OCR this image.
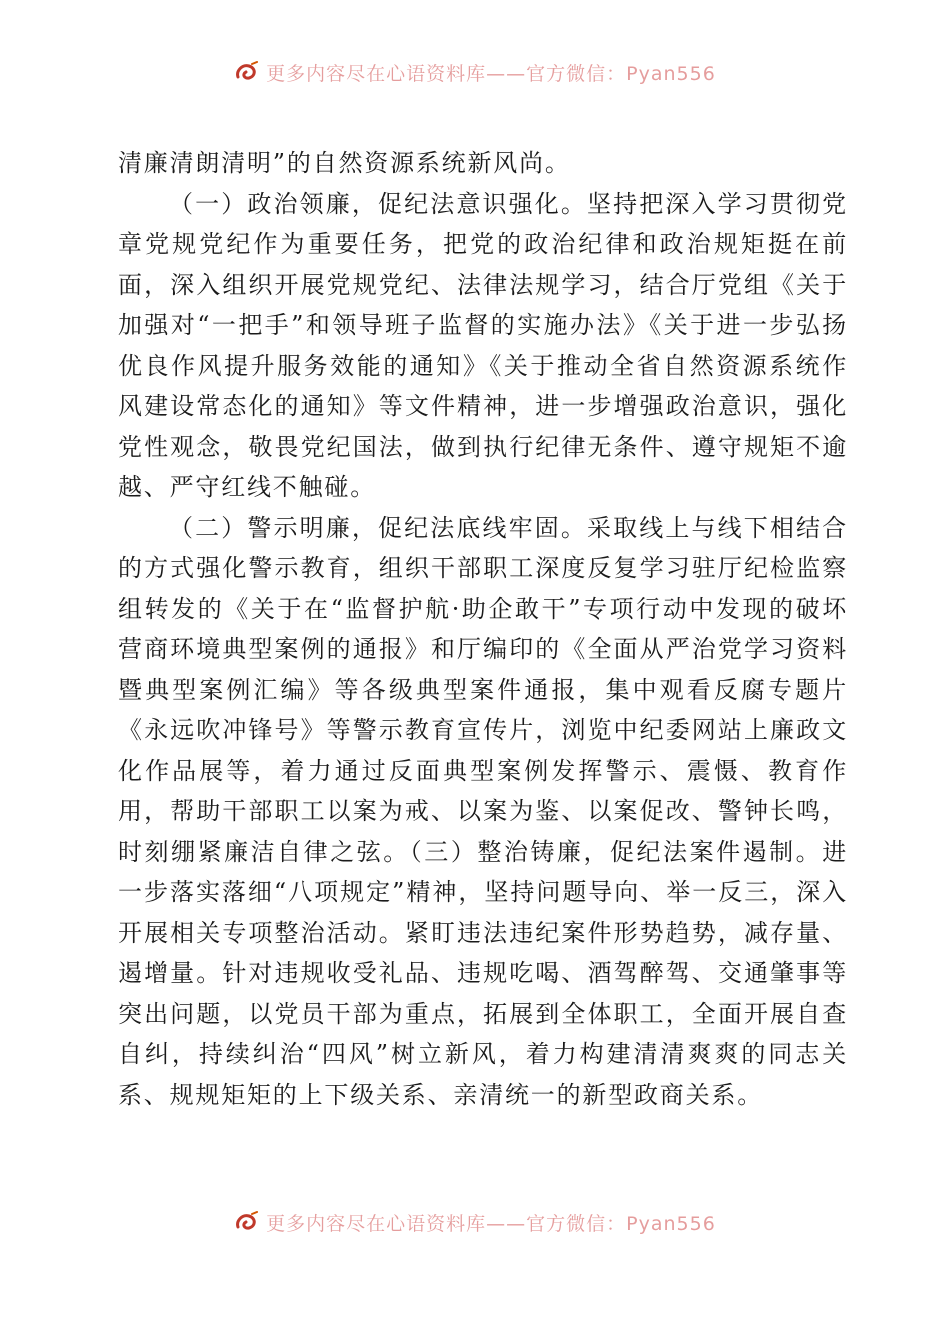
更多内容尽在心语资料库——官方微信：Pyan556

清廉清朗清明”的自然资源系统新风尚。

（一）政治领廉，促纪法意识强化。坚持把深入学习贯彻党章党规党纪作为重要任务，把党的政治纪律和政治规矩挺在前面，深入组织开展党规党纪、法律法规学习，结合厅党组《关于加强对“一把手”和领导班子监督的实施办法》《关于进一步弘扬优良作风提升服务效能的通知》《关于推动全省自然资源系统作风建设常态化的通知》等文件精神，进一步增强政治意识，强化党性观念，敬畏党纪国法，做到执行纪律无条件、遵守规矩不逾越、严守红线不触碰。

（二）警示明廉，促纪法底线牢固。采取线上与线下相结合的方式强化警示教育，组织干部职工深度反复学习驻厅纪检监察组转发的《关于在“监督护航·助企敢干”专项行动中发现的破坏营商环境典型案例的通报》和厅编印的《全面从严治党学习资料暨典型案例汇编》等各级典型案件通报，集中观看反腐专题片《永远吹冲锋号》等警示教育宣传片，浏览中纪委网站上廉政文化作品展等，着力通过反面典型案例发挥警示、震慑、教育作用，帮助干部职工以案为戒、以案为鉴、以案促改、警钟长鸣，时刻绷紧廉洁自律之弦。（三）整治铸廉，促纪法案件遏制。进一步落实落细“八项规定”精神，坚持问题导向、举一反三，深入开展相关专项整治活动。紧盯违法违纪案件形势趋势，减存量、遏增量。针对违规收受礼品、违规吃喝、酒驾醉驾、交通肇事等突出问题，以党员干部为重点，拓展到全体职工，全面开展自查自纠，持续纠治“四风”树立新风，着力构建清清爽爽的同志关系、规规矩矩的上下级关系、亲清统一的新型政商关系。

更多内容尽在心语资料库——官方微信：Pyan556
